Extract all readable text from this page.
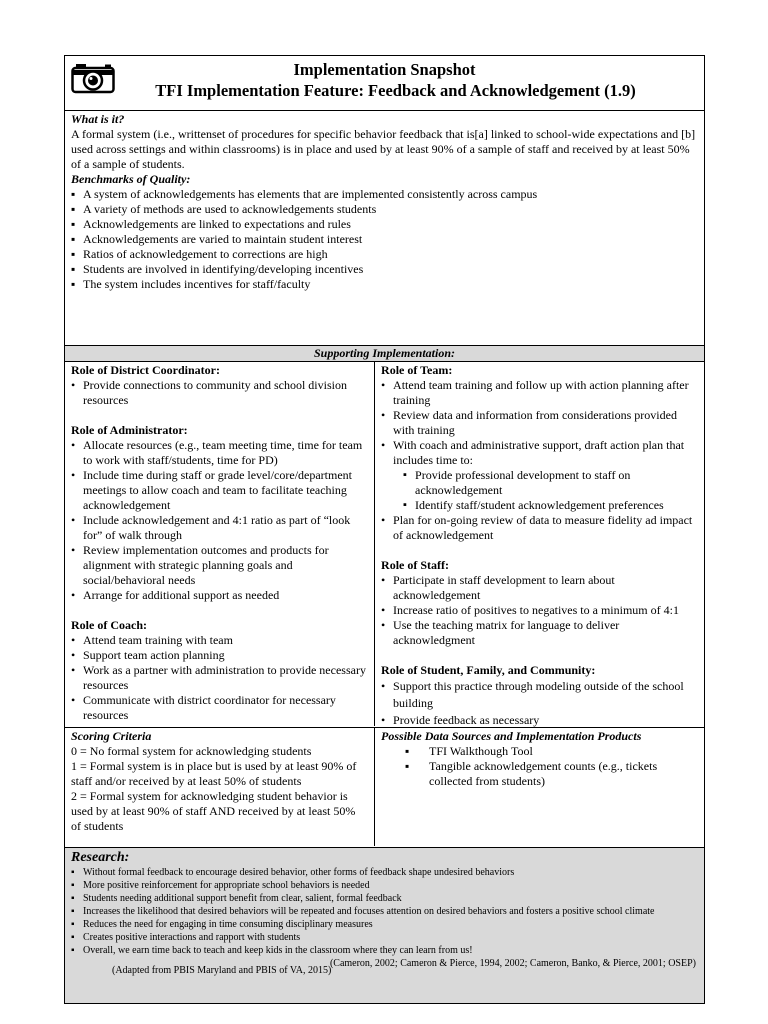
Implementation Snapshot
TFI Implementation Feature: Feedback and Acknowledgement (1.9)
What is it?
A formal system (i.e., writtenset of procedures for specific behavior feedback that is[a] linked to school-wide expectations and [b] used across settings and within classrooms) is in place and used by at least 90% of a sample of staff and received by at least 50% of a sample of students.
Benchmarks of Quality:
▪ A system of acknowledgements has elements that are implemented consistently across campus
▪ A variety of methods are used to acknowledgements students
▪ Acknowledgements are linked to expectations and rules
▪ Acknowledgements are varied to maintain student interest
▪ Ratios of acknowledgement to corrections are high
▪ Students are involved in identifying/developing incentives
▪ The system includes incentives for staff/faculty
Supporting Implementation:
Role of District Coordinator:
• Provide connections to community and school division resources
Role of Administrator:
• Allocate resources (e.g., team meeting time, time for team to work with staff/students, time for PD)
• Include time during staff or grade level/core/department meetings to allow coach and team to facilitate teaching acknowledgement
• Include acknowledgement and 4:1 ratio as part of “look for” of walk through
• Review implementation outcomes and products for alignment with strategic planning goals and social/behavioral needs
• Arrange for additional support as needed
Role of Coach:
• Attend team training with team
• Support team action planning
• Work as a partner with administration to provide necessary resources
• Communicate with district coordinator for necessary resources
Role of Team:
• Attend team training and follow up with action planning after training
• Review data and information from considerations provided with training
• With coach and administrative support, draft action plan that includes time to:
▪ Provide professional development to staff on acknowledgement
▪ Identify staff/student acknowledgement preferences
• Plan for on-going review of data to measure fidelity ad impact of acknowledgement
Role of Staff:
• Participate in staff development to learn about acknowledgement
• Increase ratio of positives to negatives to a minimum of 4:1
• Use the teaching matrix for language to deliver acknowledgment
Role of Student, Family, and Community:
• Support this practice through modeling outside of the school building
• Provide feedback as necessary
Scoring Criteria
0 = No formal system for acknowledging students
1 = Formal system is in place but is used by at least 90% of staff and/or received by at least 50% of students
2 = Formal system for acknowledging student behavior is used by at least 90% of staff AND received by at least 50% of students
Possible Data Sources and Implementation Products
▪ TFI Walkthough Tool
▪ Tangible acknowledgement counts (e.g., tickets collected from students)
Research:
▪ Without formal feedback to encourage desired behavior, other forms of feedback shape undesired behaviors
▪ More positive reinforcement for appropriate school behaviors is needed
▪ Students needing additional support benefit from clear, salient, formal feedback
▪ Increases the likelihood that desired behaviors will be repeated and focuses attention on desired behaviors and fosters a positive school climate
▪ Reduces the need for engaging in time consuming disciplinary measures
▪ Creates positive interactions and rapport with students
▪ Overall, we earn time back to teach and keep kids in the classroom where they can learn from us!
(Cameron, 2002; Cameron & Pierce, 1994, 2002; Cameron, Banko, & Pierce, 2001; OSEP)
(Adapted from PBIS Maryland and PBIS of VA, 2015)
